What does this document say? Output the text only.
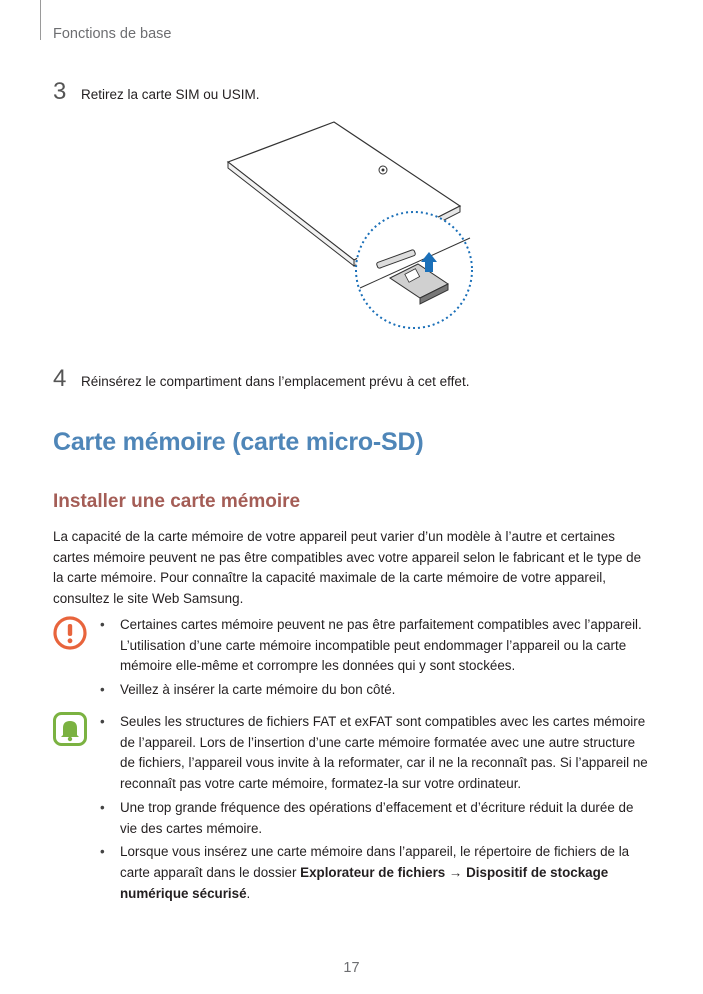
Fonctions de base
3	Retirez la carte SIM ou USIM.
4	Réinsérez le compartiment dans l’emplacement prévu à cet effet.
Carte mémoire (carte micro-SD)
Installer une carte mémoire

La capacité de la carte mémoire de votre appareil peut varier d’un modèle à l’autre et certaines cartes mémoire peuvent ne pas être compatibles avec votre appareil selon le fabricant et le type de la carte mémoire. Pour connaître la capacité maximale de la carte mémoire de votre appareil, consultez le site Web Samsung.

• Certaines cartes mémoire peuvent ne pas être parfaitement compatibles avec l’appareil. L’utilisation d’une carte mémoire incompatible peut endommager l’appareil ou la carte mémoire elle-même et corrompre les données qui y sont stockées.
• Veillez à insérer la carte mémoire du bon côté.
• Seules les structures de fichiers FAT et exFAT sont compatibles avec les cartes mémoire de l’appareil. Lors de l’insertion d’une carte mémoire formatée avec une autre structure de fichiers, l’appareil vous invite à la reformater, car il ne la reconnaît pas. Si l’appareil ne reconnaît pas votre carte mémoire, formatez-la sur votre ordinateur.
• Une trop grande fréquence des opérations d’effacement et d’écriture réduit la durée de vie des cartes mémoire.
• Lorsque vous insérez une carte mémoire dans l’appareil, le répertoire de fichiers de la carte apparaît dans le dossier Explorateur de fichiers → Dispositif de stockage numérique sécurisé.
17
